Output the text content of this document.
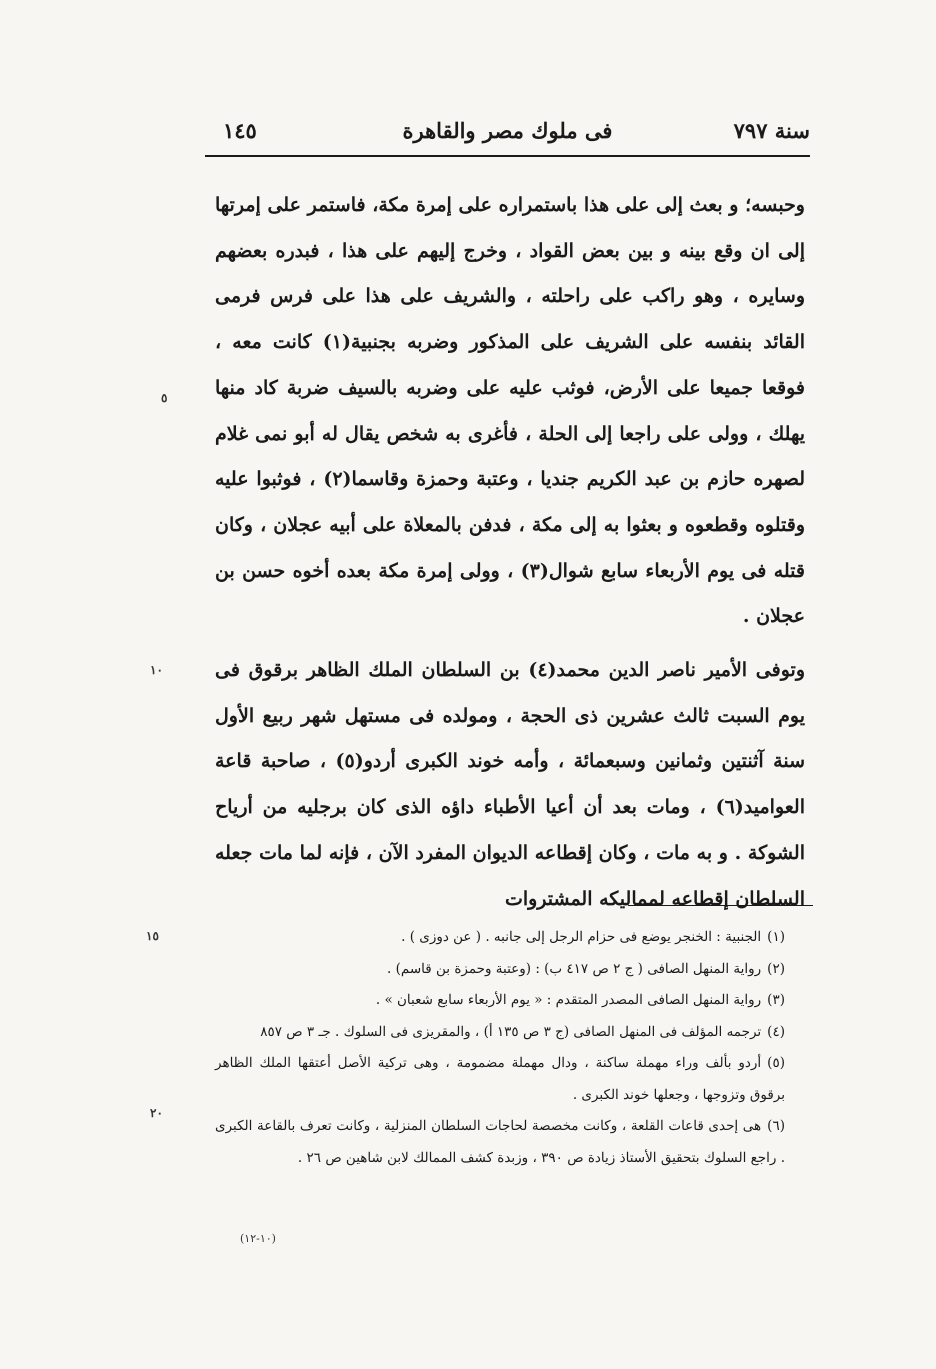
سنة ٧٩٧
فى ملوك مصر والقاهرة
١٤٥

وحبسه؛ و بعث إلى على هذا باستمراره على إمرة مكة، فاستمر على إمرتها إلى ان وقع بينه و بين بعض القواد ، وخرج إليهم على هذا ، فبدره بعضهم وسايره ، وهو راكب على راحلته ، والشريف على هذا على فرس فرمى القائد بنفسه على الشريف على المذكور وضربه بجنبية(١) كانت معه ، فوقعا جميعا على الأرض، فوثب عليه على وضربه بالسيف ضربة كاد منها يهلك ، وولى على راجعا إلى الحلة ، فأغرى به شخص يقال له أبو نمى غلام لصهره حازم بن عبد الكريم جنديا ، وعتبة وحمزة وقاسما(٢) ، فوثبوا عليه وقتلوه وقطعوه و بعثوا به إلى مكة ، فدفن بالمعلاة على أبيه عجلان ، وكان قتله فى يوم الأربعاء سابع شوال(٣) ، وولى إمرة مكة بعده أخوه حسن بن عجلان .

وتوفى الأمير ناصر الدين محمد(٤) بن السلطان الملك الظاهر برقوق فى يوم السبت ثالث عشرين ذى الحجة ، ومولده فى مستهل شهر ربيع الأول سنة آثنتين وثمانين وسبعمائة ، وأمه خوند الكبرى أردو(٥) ، صاحبة قاعة العواميد(٦) ، ومات بعد أن أعيا الأطباء داؤه الذى كان برجليه من أرياح الشوكة . و به مات ، وكان إقطاعه الديوان المفرد الآن ، فإنه لما مات جعله السلطان إقطاعه لمماليكه المشتروات

٥
١٠
١٥
٢٠

(١)الجنبية : الخنجر يوضع فى حزام الرجل إلى جانبه . ( عن دوزى ) .

(٢)رواية المنهل الصافى ( ج ٢ ص ٤١٧ ب) : (وعتبة وحمزة بن قاسم) .

(٣)رواية المنهل الصافى المصدر المتقدم : « يوم الأربعاء سابع شعبان » .

(٤)ترجمه المؤلف فى المنهل الصافى (ج ٣ ص ١٣٥ أ) ، والمقريزى فى السلوك . جـ ٣ ص ٨٥٧

(٥)أردو بألف وراء مهملة ساكنة ، ودال مهملة مضمومة ، وهى تركية الأصل أعتقها الملك الظاهر برقوق وتزوجها ، وجعلها خوند الكبرى .

(٦)هى إحدى قاعات القلعة ، وكانت مخصصة لحاجات السلطان المنزلية ، وكانت تعرف بالقاعة الكبرى . راجع السلوك بتحقيق الأستاذ زيادة ص ٣٩٠ ، وزبدة كشف الممالك لابن شاهين ص ٢٦ .

(١٠-١٢)
